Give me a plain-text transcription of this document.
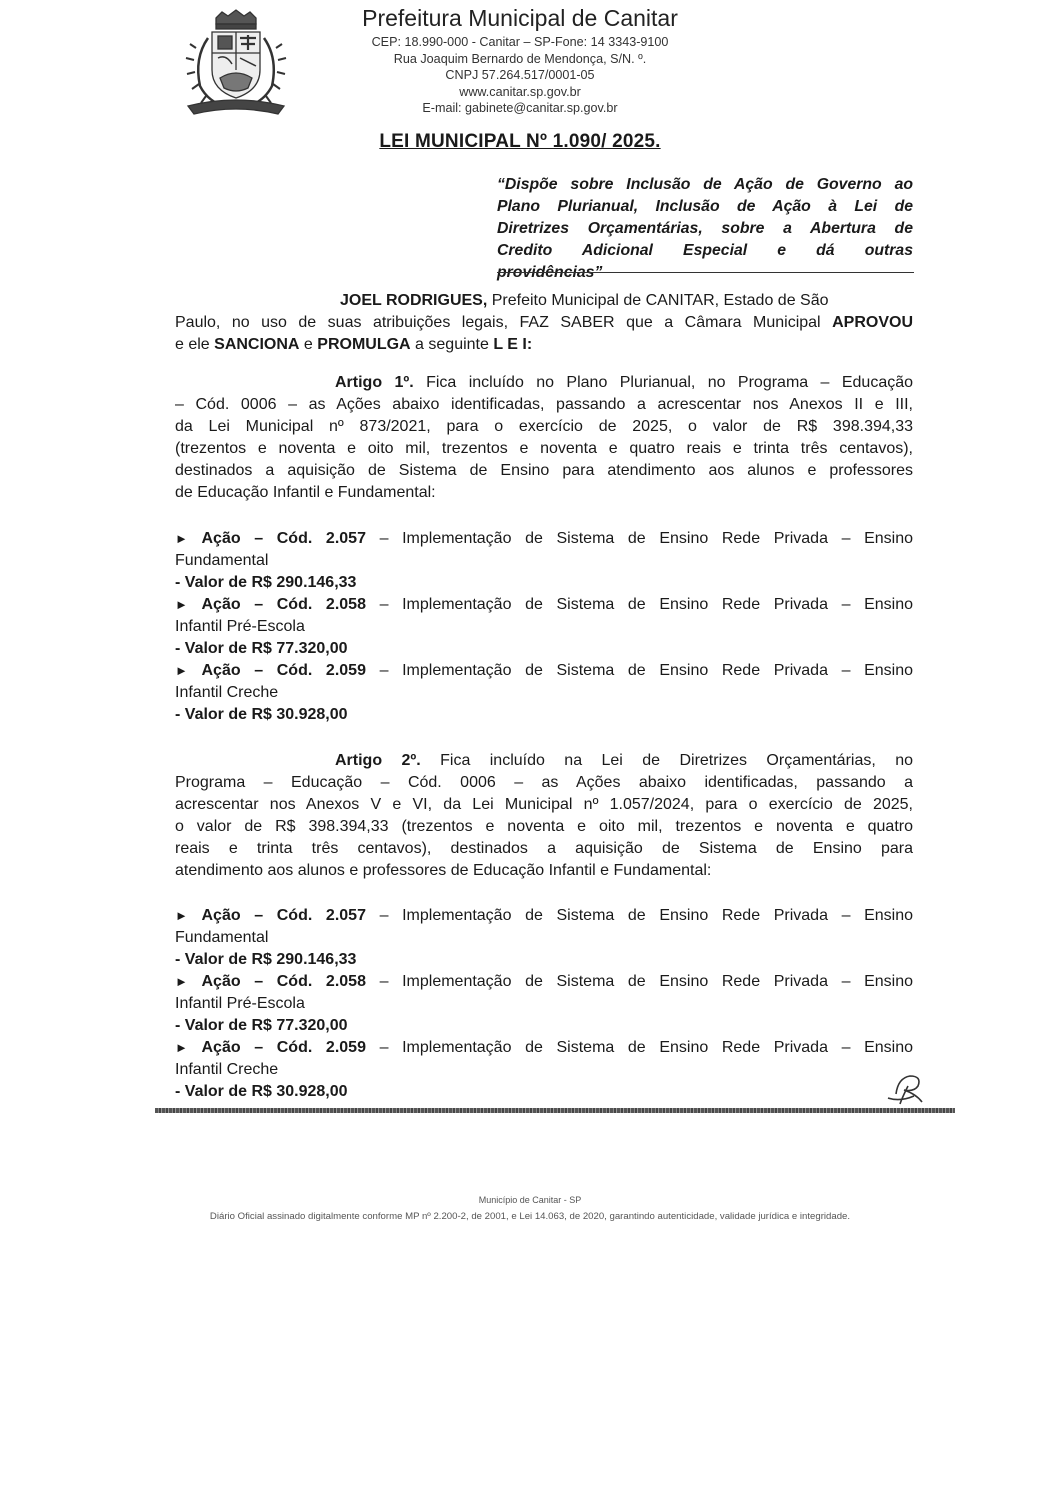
Prefeitura Municipal de Canitar
CEP: 18.990-000 - Canitar – SP-Fone: 14 3343-9100
Rua Joaquim Bernardo de Mendonça, S/N. º.
CNPJ 57.264.517/0001-05
www.canitar.sp.gov.br
E-mail: gabinete@canitar.sp.gov.br
LEI MUNICIPAL Nº 1.090/ 2025.
“Dispõe sobre Inclusão de Ação de Governo ao
Plano Plurianual, Inclusão de Ação à Lei de
Diretrizes Orçamentárias, sobre a Abertura de
Credito Adicional Especial e dá outras
providências”
JOEL RODRIGUES, Prefeito Municipal de CANITAR, Estado de São
Paulo, no uso de suas atribuições legais, FAZ SABER que a Câmara Municipal APROVOU
e ele SANCIONA e PROMULGA a seguinte L E I:
Artigo 1º. Fica incluído no Plano Plurianual, no Programa – Educação
– Cód. 0006 – as Ações abaixo identificadas, passando a acrescentar nos Anexos II e III,
da Lei Municipal nº 873/2021, para o exercício de 2025, o valor de R$ 398.394,33
(trezentos e noventa e oito mil, trezentos e noventa e quatro reais e trinta três centavos),
destinados a aquisição de Sistema de Ensino para atendimento aos alunos e professores
de Educação Infantil e Fundamental:
► Ação – Cód. 2.057 – Implementação de Sistema de Ensino Rede Privada – Ensino
Fundamental
- Valor de R$ 290.146,33
► Ação – Cód. 2.058 – Implementação de Sistema de Ensino Rede Privada – Ensino
Infantil Pré-Escola
- Valor de R$ 77.320,00
► Ação – Cód. 2.059 – Implementação de Sistema de Ensino Rede Privada – Ensino
Infantil Creche
- Valor de R$ 30.928,00
Artigo 2º. Fica incluído na Lei de Diretrizes Orçamentárias, no
Programa – Educação – Cód. 0006 – as Ações abaixo identificadas, passando a
acrescentar nos Anexos V e VI, da Lei Municipal nº 1.057/2024, para o exercício de 2025,
o valor de R$ 398.394,33 (trezentos e noventa e oito mil, trezentos e noventa e quatro
reais e trinta três centavos), destinados a aquisição de Sistema de Ensino para
atendimento aos alunos e professores de Educação Infantil e Fundamental:
► Ação – Cód. 2.057 – Implementação de Sistema de Ensino Rede Privada – Ensino
Fundamental
- Valor de R$ 290.146,33
► Ação – Cód. 2.058 – Implementação de Sistema de Ensino Rede Privada – Ensino
Infantil Pré-Escola
- Valor de R$ 77.320,00
► Ação – Cód. 2.059 – Implementação de Sistema de Ensino Rede Privada – Ensino
Infantil Creche
- Valor de R$ 30.928,00
Município de Canitar - SP
Diário Oficial assinado digitalmente conforme MP nº 2.200-2, de 2001, e Lei 14.063, de 2020, garantindo autenticidade, validade jurídica e integridade.
